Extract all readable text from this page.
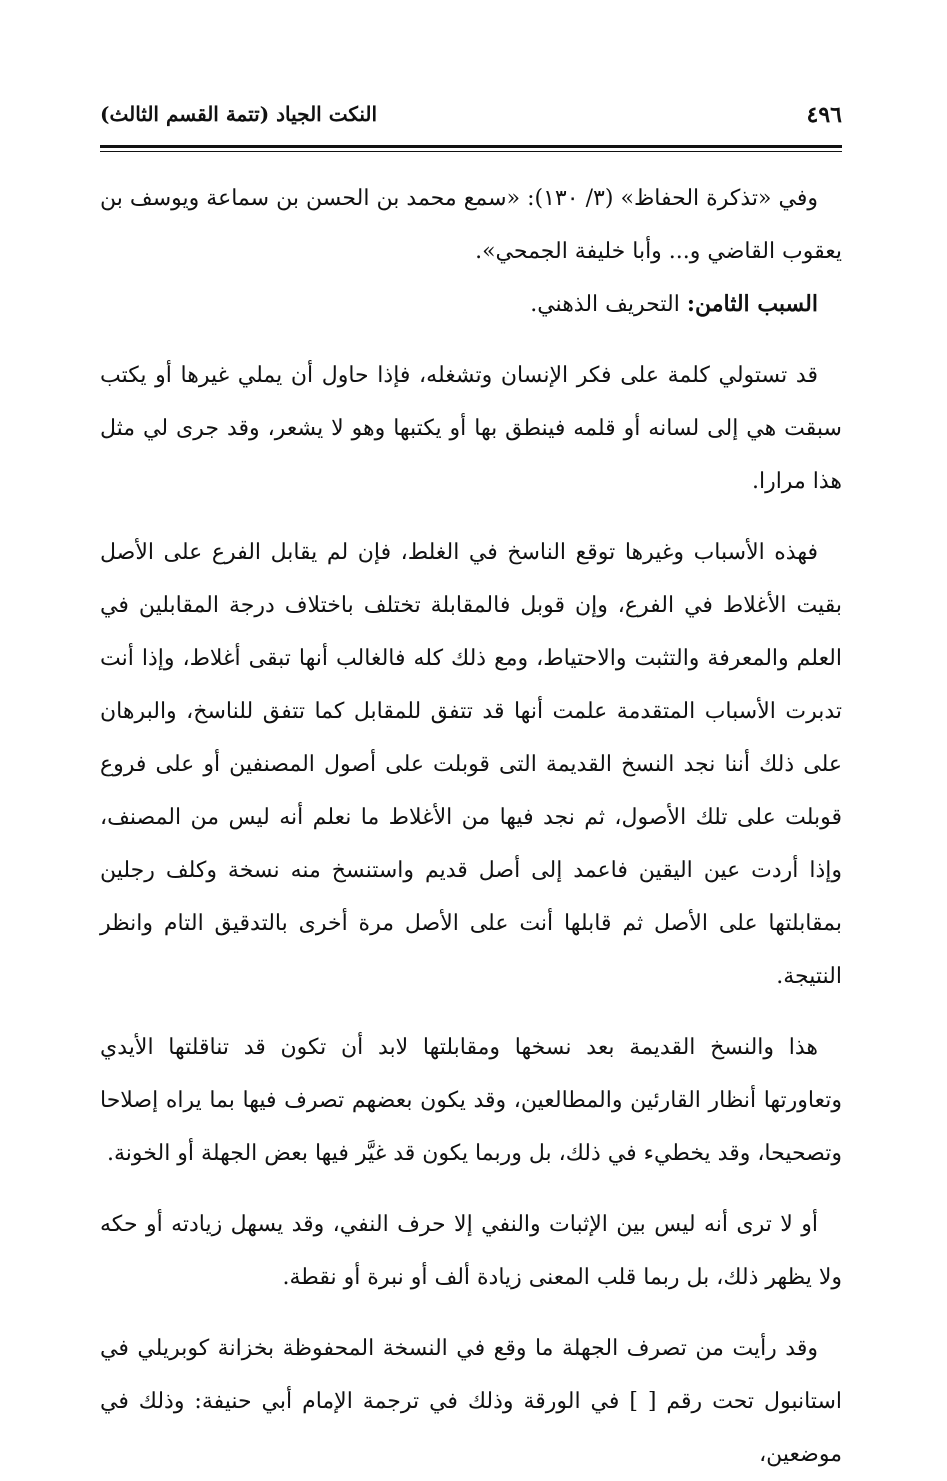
٤٩٦
النكت الجياد (تتمة القسم الثالث)

وفي «تذكرة الحفاظ» (٣/ ١٣٠): «سمع محمد بن الحسن بن سماعة ويوسف بن يعقوب القاضي و... وأبا خليفة الجمحي».

السبب الثامن: التحريف الذهني.

قد تستولي كلمة على فكر الإنسان وتشغله، فإذا حاول أن يملي غيرها أو يكتب سبقت هي إلى لسانه أو قلمه فينطق بها أو يكتبها وهو لا يشعر، وقد جرى لي مثل هذا مرارا.

فهذه الأسباب وغيرها توقع الناسخ في الغلط، فإن لم يقابل الفرع على الأصل بقيت الأغلاط في الفرع، وإن قوبل فالمقابلة تختلف باختلاف درجة المقابلين في العلم والمعرفة والتثبت والاحتياط، ومع ذلك كله فالغالب أنها تبقى أغلاط، وإذا أنت تدبرت الأسباب المتقدمة علمت أنها قد تتفق للمقابل كما تتفق للناسخ، والبرهان على ذلك أننا نجد النسخ القديمة التى قوبلت على أصول المصنفين أو على فروع قوبلت على تلك الأصول، ثم نجد فيها من الأغلاط ما نعلم أنه ليس من المصنف، وإذا أردت عين اليقين فاعمد إلى أصل قديم واستنسخ منه نسخة وكلف رجلين بمقابلتها على الأصل ثم قابلها أنت على الأصل مرة أخرى بالتدقيق التام وانظر النتيجة.

هذا والنسخ القديمة بعد نسخها ومقابلتها لابد أن تكون قد تناقلتها الأيدي وتعاورتها أنظار القارئين والمطالعين، وقد يكون بعضهم تصرف فيها بما يراه إصلاحا وتصحيحا، وقد يخطيء في ذلك، بل وربما يكون قد غيَّر فيها بعض الجهلة أو الخونة.

أو لا ترى أنه ليس بين الإثبات والنفي إلا حرف النفي، وقد يسهل زيادته أو حكه ولا يظهر ذلك، بل ربما قلب المعنى زيادة ألف أو نبرة أو نقطة.

وقد رأيت من تصرف الجهلة ما وقع في النسخة المحفوظة بخزانة كوبريلي في استانبول تحت رقم [ ] في الورقة وذلك في ترجمة الإمام أبي حنيفة: وذلك في موضعين،
